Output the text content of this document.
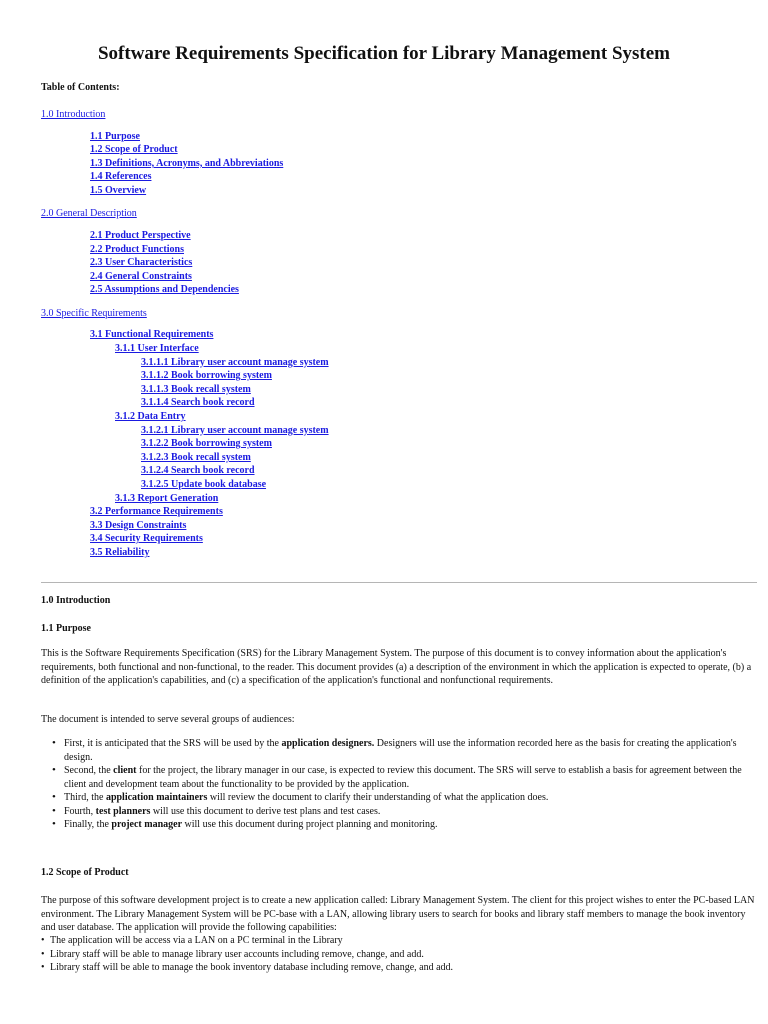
Software Requirements Specification for Library Management System
Table of Contents:
1.0 Introduction
1.1 Purpose
1.2 Scope of Product
1.3 Definitions, Acronyms, and Abbreviations
1.4 References
1.5 Overview
2.0 General Description
2.1 Product Perspective
2.2 Product Functions
2.3 User Characteristics
2.4 General Constraints
2.5 Assumptions and Dependencies
3.0 Specific Requirements
3.1 Functional Requirements
3.1.1 User Interface
3.1.1.1 Library user account manage system
3.1.1.2 Book borrowing system
3.1.1.3 Book recall system
3.1.1.4 Search book record
3.1.2 Data Entry
3.1.2.1 Library user account manage system
3.1.2.2 Book borrowing system
3.1.2.3 Book recall system
3.1.2.4 Search book record
3.1.2.5 Update book database
3.1.3 Report Generation
3.2 Performance Requirements
3.3 Design Constraints
3.4 Security Requirements
3.5 Reliability
1.0 Introduction
1.1 Purpose

This is the Software Requirements Specification (SRS) for the Library Management System. The purpose of this document is to convey information about the application's requirements, both functional and non-functional, to the reader. This document provides (a) a description of the environment in which the application is expected to operate, (b) a definition of the application's capabilities, and (c) a specification of the application's functional and nonfunctional requirements.

The document is intended to serve several groups of audiences:

• First, it is anticipated that the SRS will be used by the application designers. Designers will use the information recorded here as the basis for creating the application's design.
• Second, the client for the project, the library manager in our case, is expected to review this document. The SRS will serve to establish a basis for agreement between the client and development team about the functionality to be provided by the application.
• Third, the application maintainers will review the document to clarify their understanding of what the application does.
• Fourth, test planners will use this document to derive test plans and test cases.
• Finally, the project manager will use this document during project planning and monitoring.
1.2 Scope of Product

The purpose of this software development project is to create a new application called: Library Management System. The client for this project wishes to enter the PC-based LAN environment. The Library Management System will be PC-base with a LAN, allowing library users to search for books and library staff members to manage the book inventory and user database. The application will provide the following capabilities:

• The application will be access via a LAN on a PC terminal in the Library
• Library staff will be able to manage library user accounts including remove, change, and add.
• Library staff will be able to manage the book inventory database including remove, change, and add.
